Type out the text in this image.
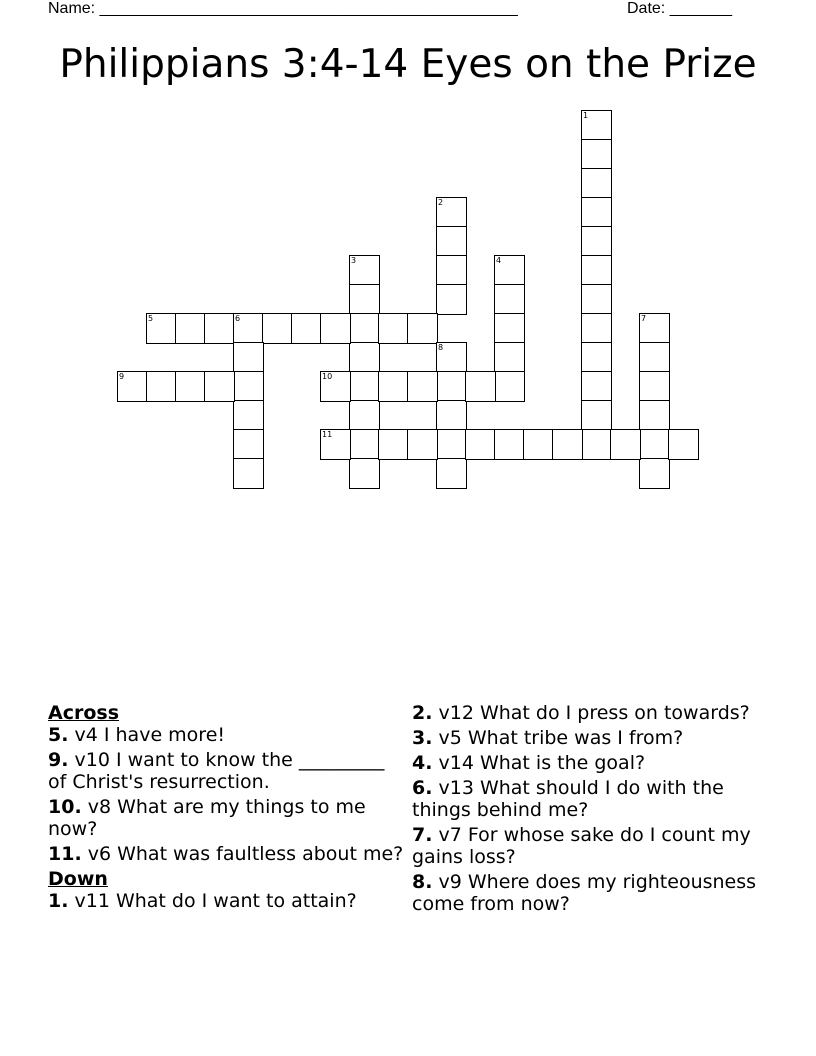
Name: _______________________________________________	Date: _______
Philippians 3:4-14 Eyes on the Prize
1
2
3	4
5	6	7
8
9	10
11

Across

5. v4 I have more!

9. v10 I want to know the _________ of Christ's resurrection.

10. v8 What are my things to me now?

11. v6 What was faultless about me?

Down

1. v11 What do I want to attain?

2. v12 What do I press on towards?

3. v5 What tribe was I from?

4. v14 What is the goal?

6. v13 What should I do with the things behind me?

7. v7 For whose sake do I count my gains loss?

8. v9 Where does my righteousness come from now?
